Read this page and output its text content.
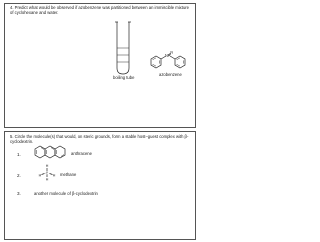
4. Predict what would be observed if azobenzene was partitioned between an immiscible mixture of cyclohexane and water.
boiling tube
N
N
azobenzene
5. Circle the molecule(s) that would, on steric grounds, form a stable host–guest complex with β-cyclodextrin.
1.	anthracene
2.
H
C
H	H
H
methane
3.	another molecule of β-cyclodextrin
